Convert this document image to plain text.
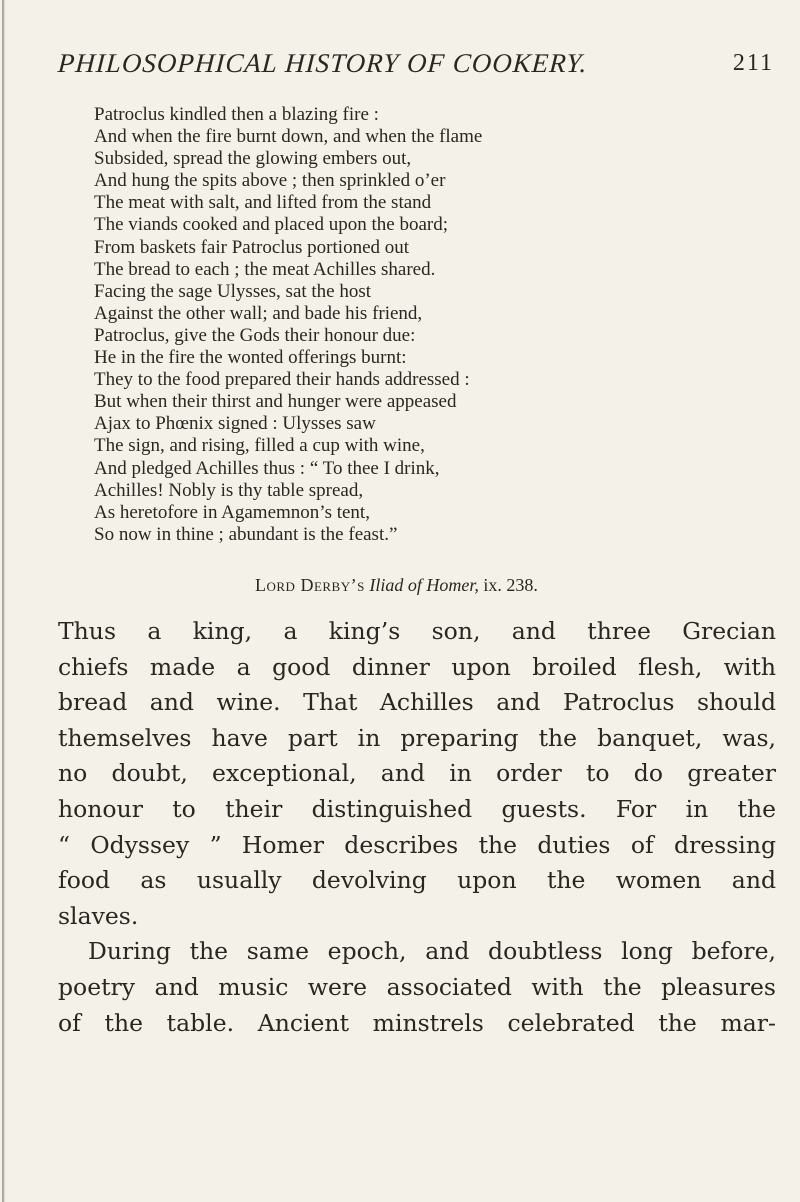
PHILOSOPHICAL HISTORY OF COOKERY.	211
Patroclus kindled then a blazing fire :
And when the fire burnt down, and when the flame
Subsided, spread the glowing embers out,
And hung the spits above ; then sprinkled o’er
The meat with salt, and lifted from the stand
The viands cooked and placed upon the board;
From baskets fair Patroclus portioned out
The bread to each ; the meat Achilles shared.
Facing the sage Ulysses, sat the host
Against the other wall; and bade his friend,
Patroclus, give the Gods their honour due:
He in the fire the wonted offerings burnt:
They to the food prepared their hands addressed :
But when their thirst and hunger were appeased
Ajax to Phœnix signed : Ulysses saw
The sign, and rising, filled a cup with wine,
And pledged Achilles thus : “ To thee I drink,
Achilles! Nobly is thy table spread,
As heretofore in Agamemnon’s tent,
So now in thine ; abundant is the feast.”
Lord Derby’s Iliad of Homer, ix. 238.

Thus a king, a king’s son, and three Grecian

chiefs made a good dinner upon broiled flesh, with

bread and wine. That Achilles and Patroclus should

themselves have part in preparing the banquet, was,

no doubt, exceptional, and in order to do greater

honour to their distinguished guests. For in the

“ Odyssey ” Homer describes the duties of dressing

food as usually devolving upon the women and

slaves.

During the same epoch, and doubtless long before,

poetry and music were associated with the pleasures

of the table. Ancient minstrels celebrated the mar-
